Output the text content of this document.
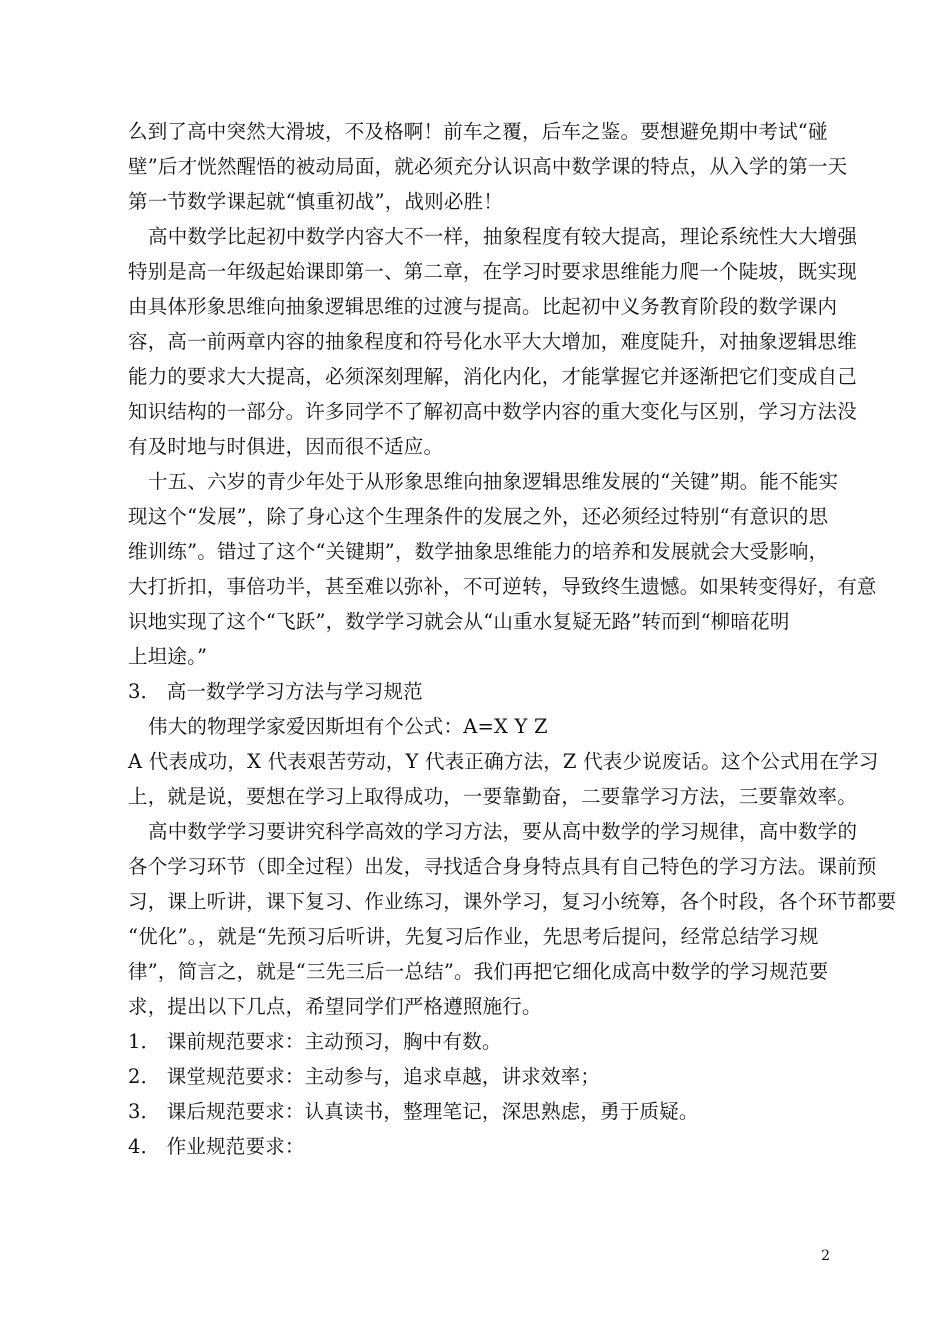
么到了高中突然大滑坡，不及格啊！前车之覆，后车之鉴。要想避免期中考试“碰
壁”后才恍然醒悟的被动局面，就必须充分认识高中数学课的特点，从入学的第一天
第一节数学课起就“慎重初战”，战则必胜！
高中数学比起初中数学内容大不一样，抽象程度有较大提高，理论系统性大大增强
特别是高一年级起始课即第一、第二章，在学习时要求思维能力爬一个陡坡，既实现
由具体形象思维向抽象逻辑思维的过渡与提高。比起初中义务教育阶段的数学课内
容，高一前两章内容的抽象程度和符号化水平大大增加，难度陡升，对抽象逻辑思维
能力的要求大大提高，必须深刻理解，消化内化，才能掌握它并逐渐把它们变成自己
知识结构的一部分。许多同学不了解初高中数学内容的重大变化与区别，学习方法没
有及时地与时俱进，因而很不适应。
十五、六岁的青少年处于从形象思维向抽象逻辑思维发展的“关键”期。能不能实
现这个“发展”，除了身心这个生理条件的发展之外，还必须经过特别“有意识的思
维训练”。错过了这个“关键期”，数学抽象思维能力的培养和发展就会大受影响，
大打折扣，事倍功半，甚至难以弥补，不可逆转，导致终生遗憾。如果转变得好，有意
识地实现了这个“飞跃”，数学学习就会从“山重水复疑无路”转而到“柳暗花明
上坦途。”
3． 高一数学学习方法与学习规范
伟大的物理学家爱因斯坦有个公式：A=X Y Z
A 代表成功，X 代表艰苦劳动，Y 代表正确方法，Z 代表少说废话。这个公式用在学习
上，就是说，要想在学习上取得成功，一要靠勤奋，二要靠学习方法，三要靠效率。
高中数学学习要讲究科学高效的学习方法，要从高中数学的学习规律，高中数学的
各个学习环节（即全过程）出发，寻找适合身身特点具有自己特色的学习方法。课前预
习，课上听讲，课下复习、作业练习，课外学习，复习小统筹，各个时段，各个环节都要
“优化”。，就是“先预习后听讲，先复习后作业，先思考后提问，经常总结学习规
律”，简言之，就是“三先三后一总结”。我们再把它细化成高中数学的学习规范要
求，提出以下几点，希望同学们严格遵照施行。
1． 课前规范要求：主动预习，胸中有数。
2． 课堂规范要求：主动参与，追求卓越，讲求效率；
3． 课后规范要求：认真读书，整理笔记，深思熟虑，勇于质疑。
4． 作业规范要求：
2
